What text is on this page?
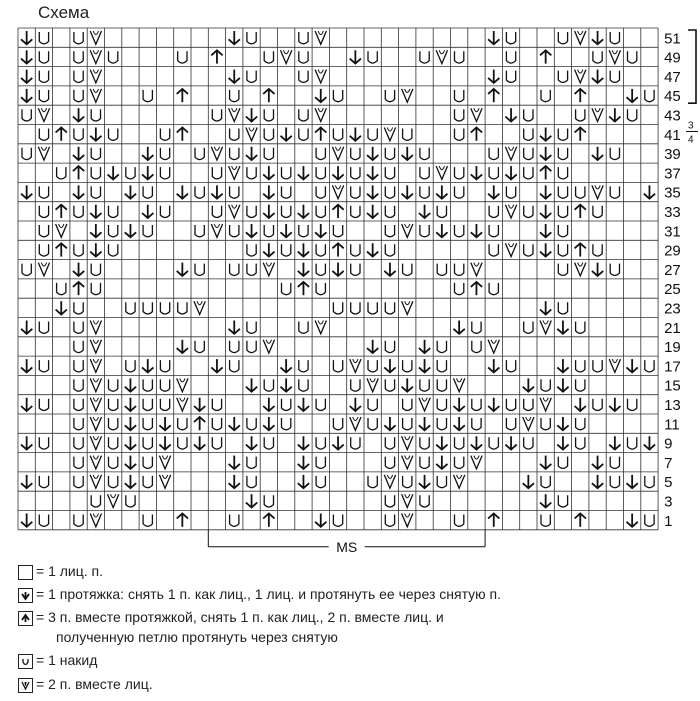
Схема
51
49
47
45
43
41
39
37
35
33
31
29
27
25
23
21
19
17
15
13
11
9
7
5
3
1
3
4
MS
= 1 лиц. п.
= 1 протяжка: снять 1 п. как лиц., 1 лиц. и протянуть ее через снятую п.
= 3 п. вместе протяжкой, снять 1 п. как лиц., 2 п. вместе лиц. и
полученную петлю протянуть через снятую
= 1 накид
= 2 п. вместе лиц.
